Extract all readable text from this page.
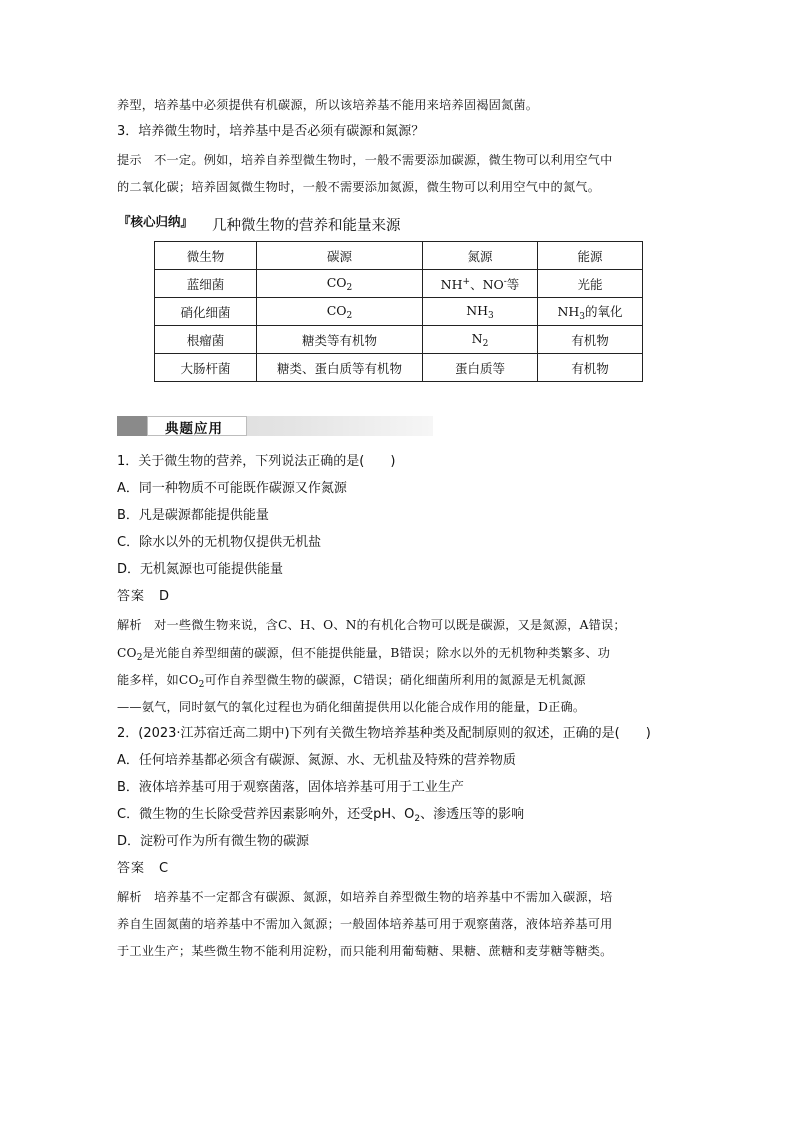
养型，培养基中必须提供有机碳源，所以该培养基不能用来培养固褐固氮菌。
3．培养微生物时，培养基中是否必须有碳源和氮源？
提示　不一定。例如，培养自养型微生物时，一般不需要添加碳源，微生物可以利用空气中
的二氧化碳；培养固氮微生物时，一般不需要添加氮源，微生物可以利用空气中的氮气。
『核心归纳』 几种微生物的营养和能量来源
微生物	碳源	氮源	能源
蓝细菌	$CO_2$	NH+、NO-等	光能
硝化细菌	$CO_2$	$NH_3$	$NH_3$的氧化
根瘤菌	糖类等有机物	$N_2$	有机物
大肠杆菌	糖类、蛋白质等有机物	蛋白质等	有机物
典题应用
1．关于微生物的营养，下列说法正确的是(　　)
A．同一种物质不可能既作碳源又作氮源
B．凡是碳源都能提供能量
C．除水以外的无机物仅提供无机盐
D．无机氮源也可能提供能量
答案　D
解析　对一些微生物来说，含C、H、O、N的有机化合物可以既是碳源，又是氮源，A错误；
$CO_2$是光能自养型细菌的碳源，但不能提供能量，B错误；除水以外的无机物种类繁多、功
能多样，如$CO_2$可作自养型微生物的碳源，C错误；硝化细菌所利用的氮源是无机氮源
——氨气，同时氨气的氧化过程也为硝化细菌提供用以化能合成作用的能量，D正确。
2．(2023·江苏宿迁高二期中)下列有关微生物培养基种类及配制原则的叙述，正确的是(　　)
A．任何培养基都必须含有碳源、氮源、水、无机盐及特殊的营养物质
B．液体培养基可用于观察菌落，固体培养基可用于工业生产
C．微生物的生长除受营养因素影响外，还受pH、$O_2$、渗透压等的影响
D．淀粉可作为所有微生物的碳源
答案　C
解析　培养基不一定都含有碳源、氮源，如培养自养型微生物的培养基中不需加入碳源，培
养自生固氮菌的培养基中不需加入氮源；一般固体培养基可用于观察菌落，液体培养基可用
于工业生产；某些微生物不能利用淀粉，而只能利用葡萄糖、果糖、蔗糖和麦芽糖等糖类。
